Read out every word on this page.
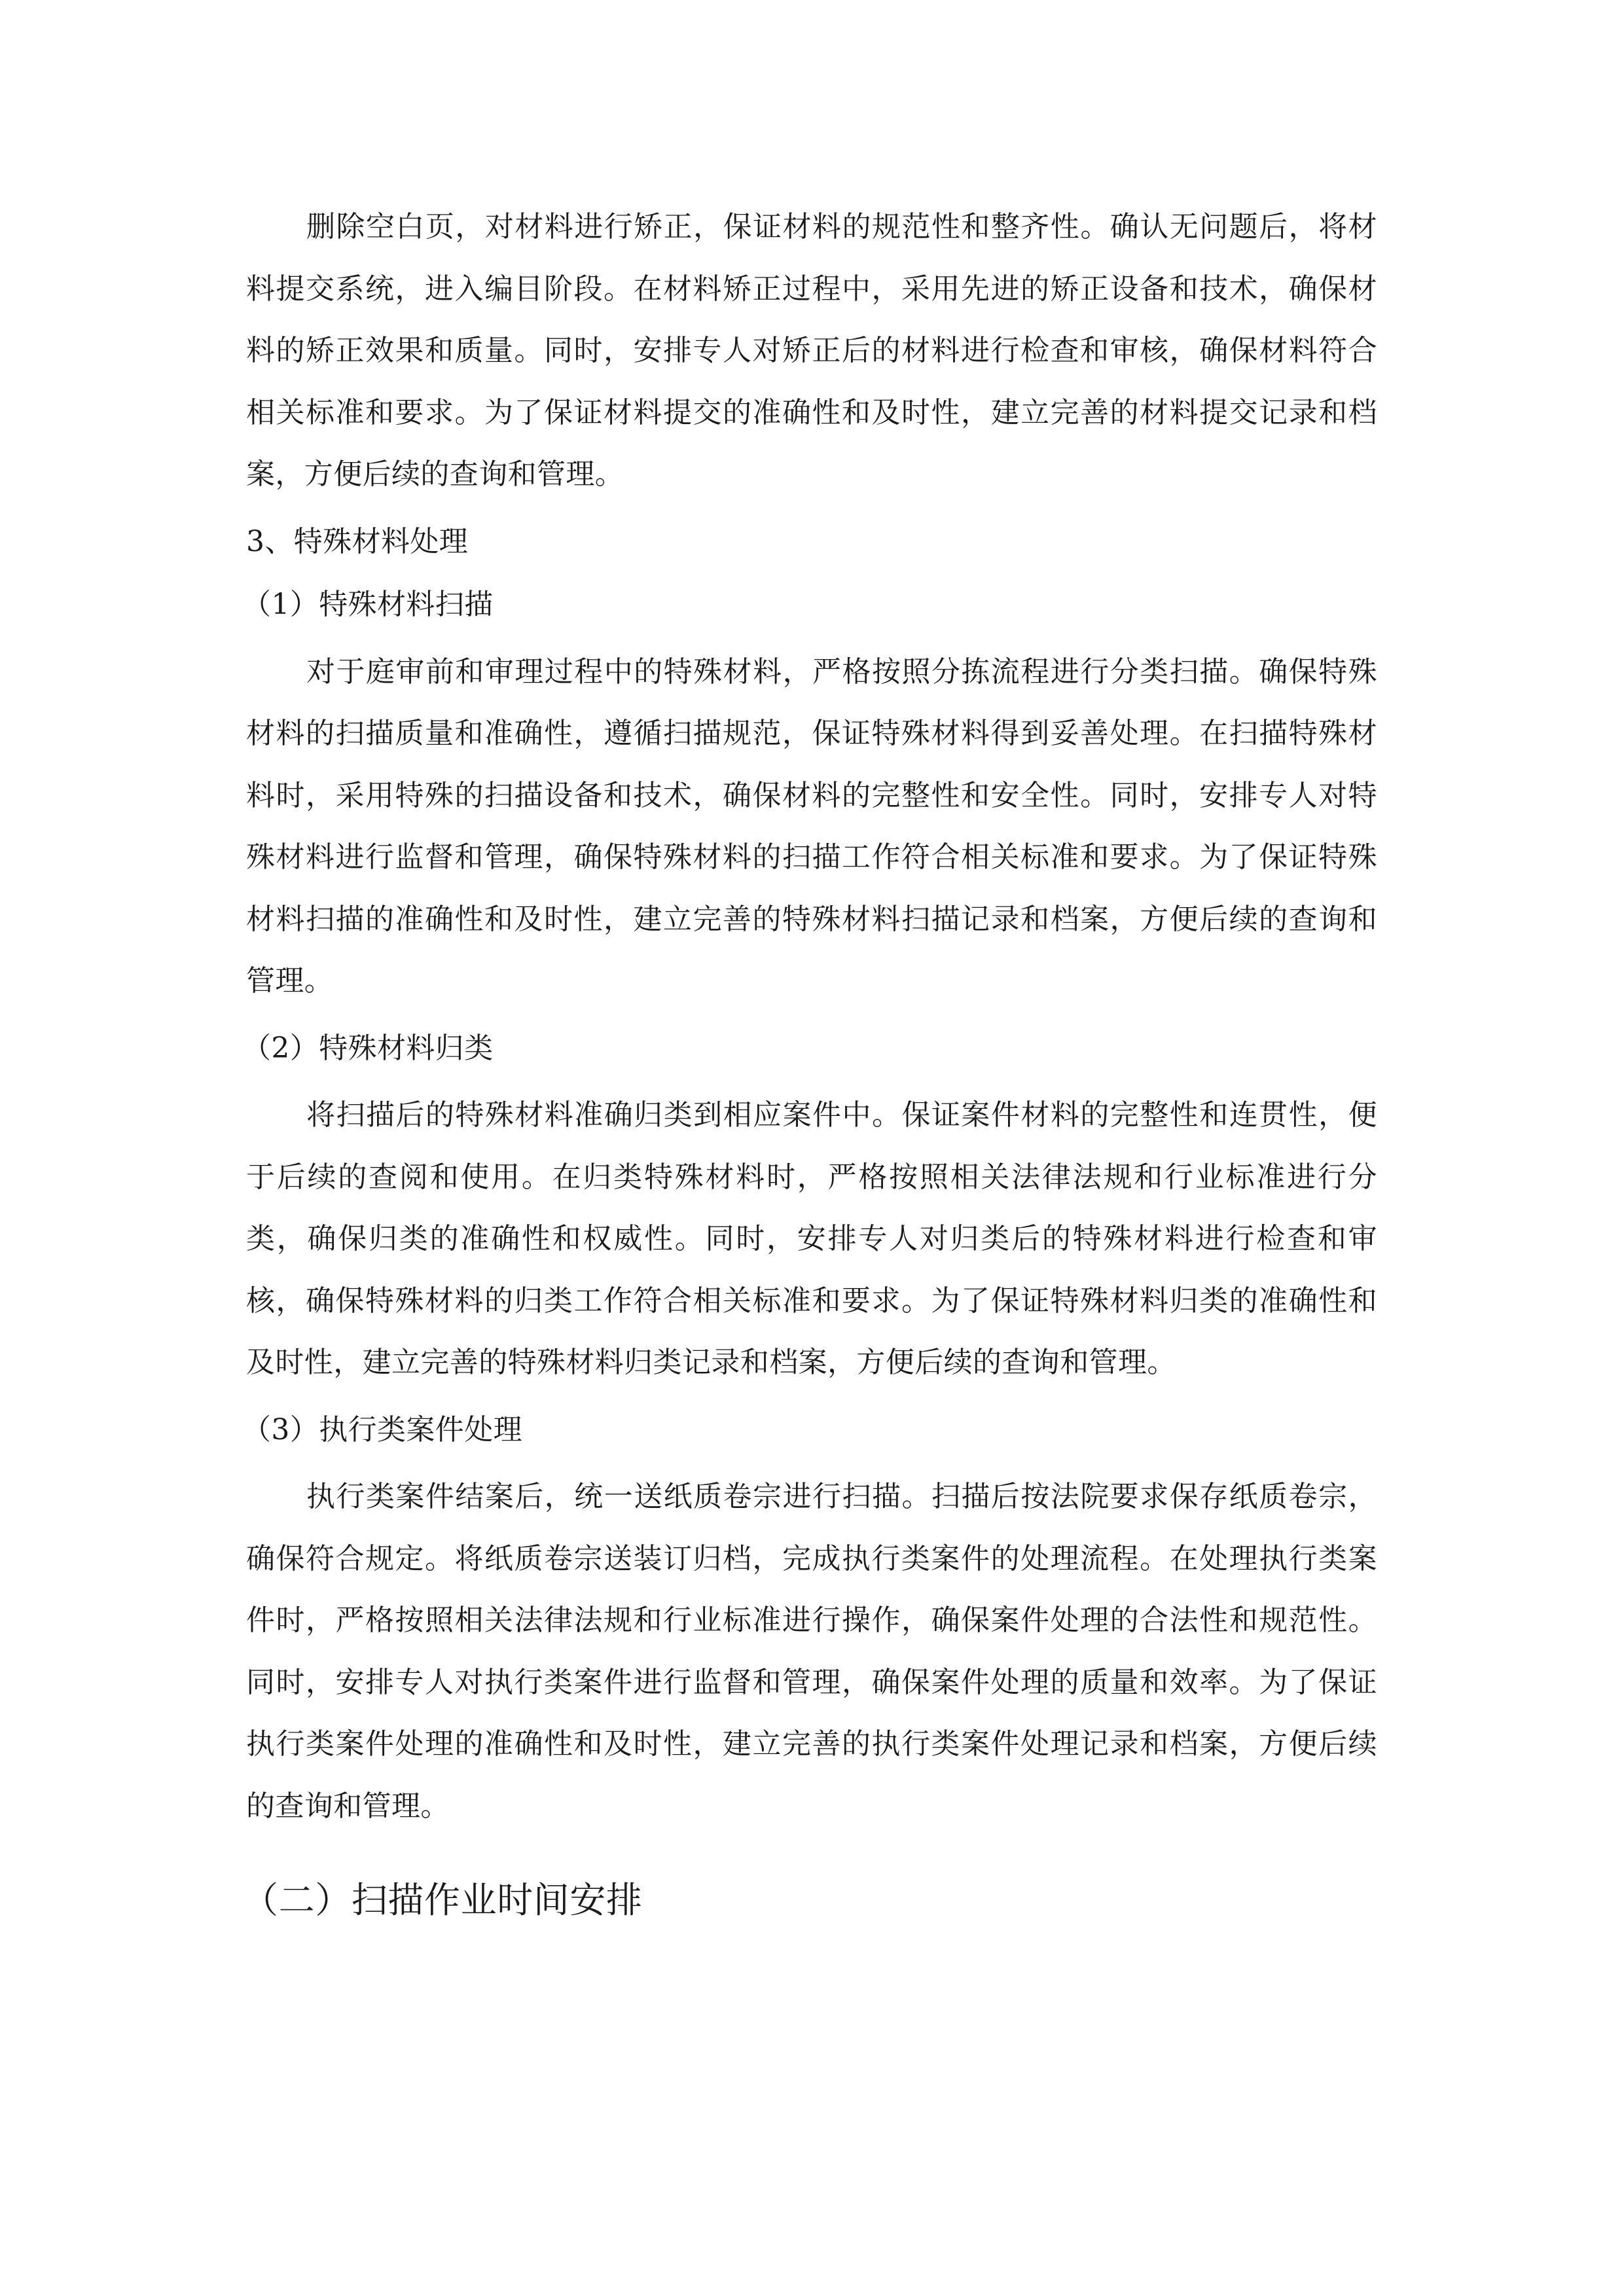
删除空白页，对材料进行矫正，保证材料的规范性和整齐性。确认无问题后，将材料提交系统，进入编目阶段。在材料矫正过程中，采用先进的矫正设备和技术，确保材料的矫正效果和质量。同时，安排专人对矫正后的材料进行检查和审核，确保材料符合相关标准和要求。为了保证材料提交的准确性和及时性，建立完善的材料提交记录和档案，方便后续的查询和管理。

3、特殊材料处理
（1）特殊材料扫描

对于庭审前和审理过程中的特殊材料，严格按照分拣流程进行分类扫描。确保特殊材料的扫描质量和准确性，遵循扫描规范，保证特殊材料得到妥善处理。在扫描特殊材料时，采用特殊的扫描设备和技术，确保材料的完整性和安全性。同时，安排专人对特殊材料进行监督和管理，确保特殊材料的扫描工作符合相关标准和要求。为了保证特殊材料扫描的准确性和及时性，建立完善的特殊材料扫描记录和档案，方便后续的查询和管理。

（2）特殊材料归类

将扫描后的特殊材料准确归类到相应案件中。保证案件材料的完整性和连贯性，便于后续的查阅和使用。在归类特殊材料时，严格按照相关法律法规和行业标准进行分类，确保归类的准确性和权威性。同时，安排专人对归类后的特殊材料进行检查和审核，确保特殊材料的归类工作符合相关标准和要求。为了保证特殊材料归类的准确性和及时性，建立完善的特殊材料归类记录和档案，方便后续的查询和管理。

（3）执行类案件处理

执行类案件结案后，统一送纸质卷宗进行扫描。扫描后按法院要求保存纸质卷宗，确保符合规定。将纸质卷宗送装订归档，完成执行类案件的处理流程。在处理执行类案件时，严格按照相关法律法规和行业标准进行操作，确保案件处理的合法性和规范性。同时，安排专人对执行类案件进行监督和管理，确保案件处理的质量和效率。为了保证执行类案件处理的准确性和及时性，建立完善的执行类案件处理记录和档案，方便后续的查询和管理。

（二）扫描作业时间安排
